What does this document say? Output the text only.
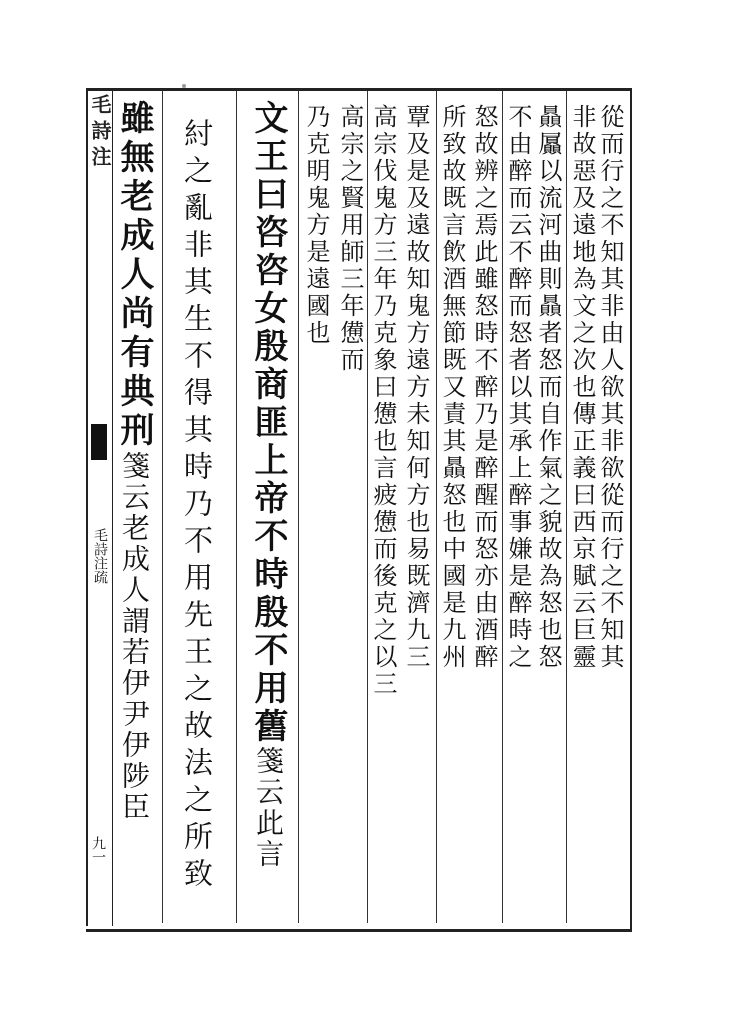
毛詩注
毛詩注疏
九一
從而行之不知其非由人欲其非欲從而行之不知其
非故惡及遠地為文之次也傳正義曰西京賦云巨靈
贔屭以流河曲則贔者怒而自作氣之貌故為怒也怒
不由醉而云不醉而怒者以其承上醉事嫌是醉時之
怒故辨之焉此雖怒時不醉乃是醉醒而怒亦由酒醉
所致故既言飲酒無節既又責其贔怒也中國是九州
覃及是及遠故知鬼方遠方未知何方也易既濟九三
高宗伐鬼方三年乃克象曰憊也言疲憊而後克之以三
高宗之賢用師三年憊而
乃克明鬼方是遠國也
文王曰咨咨女殷商匪上帝不時殷不用舊箋云此言
紂之亂非其生不得其時乃不用先王之故法之所致
雖無老成人尚有典刑箋云老成人謂若伊尹伊陟臣
